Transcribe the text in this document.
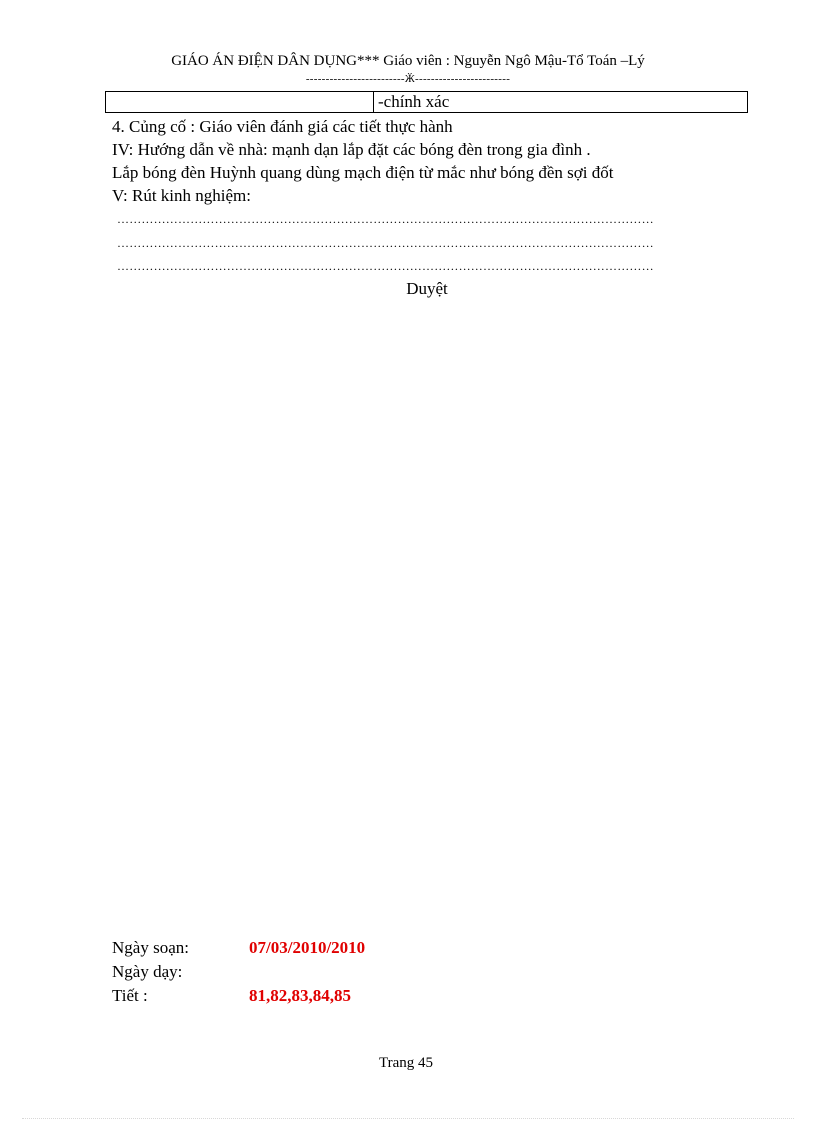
GIÁO ÁN ĐIỆN DÂN DỤNG*** Giáo viên : Nguyễn Ngô Mậu-Tổ Toán –Lý
-------------------------Ӂ------------------------
-chính xác
4. Củng cố : Giáo viên đánh giá các tiết thực hành
IV: Hướng dẫn về nhà: mạnh dạn lắp đặt các bóng đèn trong gia đình .
Lắp bóng đèn Huỳnh quang dùng mạch điện từ mắc như bóng đền sợi đốt
V: Rút kinh nghiệm:
……………………………………………………………………………………………………………………
……………………………………………………………………………………………………………………
……………………………………………………………………………………………………………………
Duyệt
Ngày soạn:	07/03/2010/2010
Ngày dạy:
Tiết :	81,82,83,84,85
Trang 45
